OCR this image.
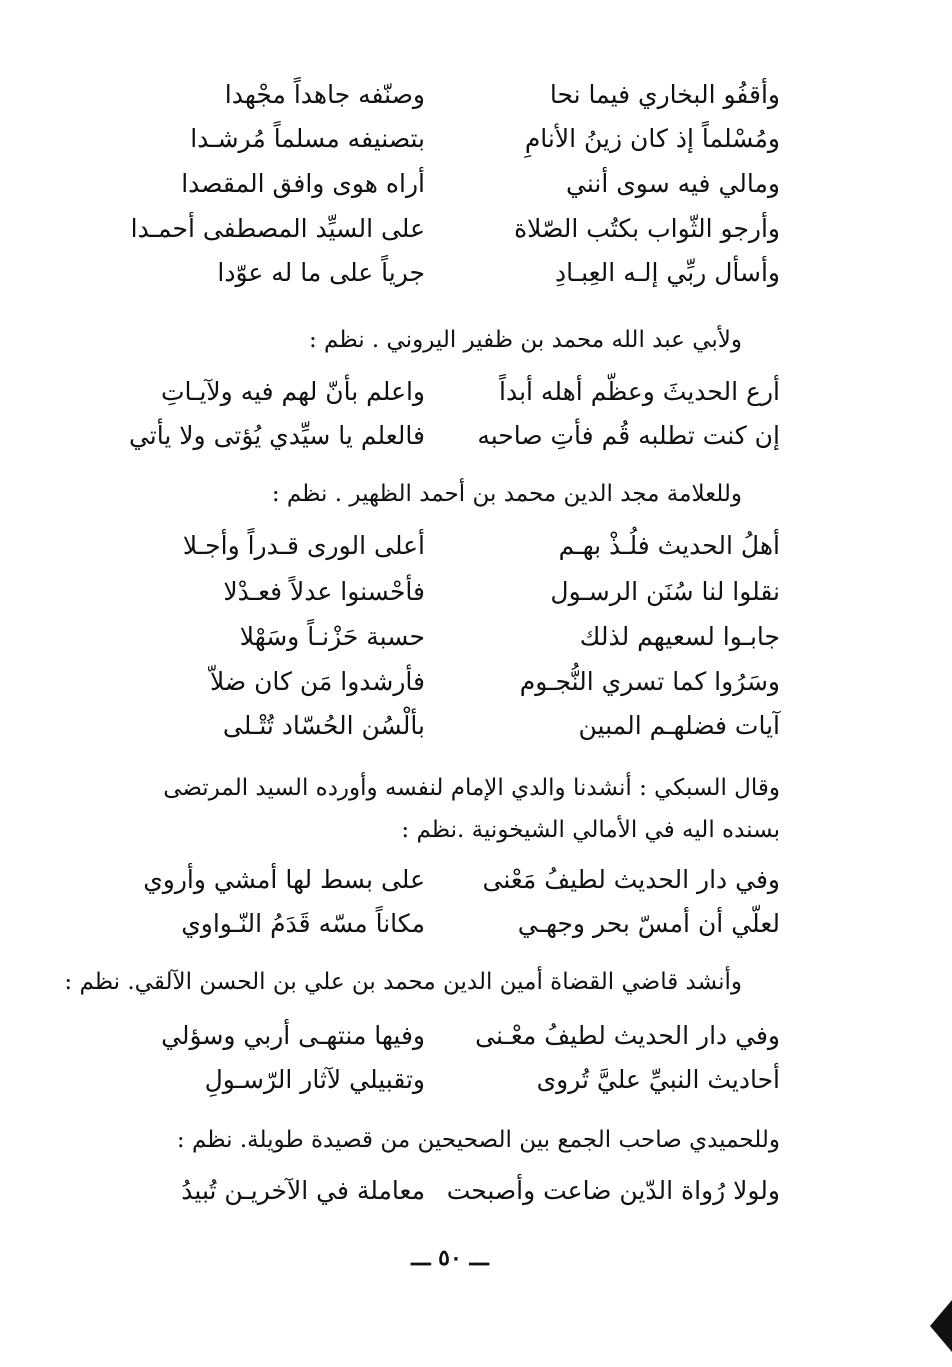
وأقفُو البخاري فيما نحا
وصنّفه جاهداً مجْهدا
ومُسْلماً إذ كان زينُ الأنامِ
بتصنيفه مسلماً مُرشـدا
ومالي فيه سوى أنني
أراه هوى وافق المقصدا
وأرجو الثّواب بكتُب الصّلاة
على السيِّد المصطفى أحمـدا
وأسأل ربِّي إلـه العِبـادِ
جرياً على ما له عوّدا
ولأبي عبد الله محمد بن ظفير اليروني . نظم :
أرع الحديثَ وعظّم أهله أبداً
واعلم بأنّ لهم فيه ولآيـاتِ
إن كنت تطلبه قُم فأتِ صاحبه
فالعلم يا سيِّدي يُؤتى ولا يأتي
وللعلامة مجد الدين محمد بن أحمد الظهير . نظم :
أهلُ الحديث فلُـذْ بهـم
أعلى الورى قـدراً وأجـلا
نقلوا لنا سُنَن الرسـول
فأحْسنوا عدلاً فعـدْلا
جابـوا لسعيهم لذلك
حسبة حَزْنـاً وسَهْلا
وسَرُوا كما تسري النُّجـوم
فأرشدوا مَن كان ضلاّ
آيات فضلهـم المبين
بألْسُن الحُسّاد تُتْـلى
وقال السبكي : أنشدنا والدي الإمام لنفسه وأورده السيد المرتضى
بسنده اليه في الأمالي الشيخونية .نظم :
وفي دار الحديث لطيفُ مَعْنى
على بسط لها أمشي وأروي
لعلّي أن أمسّ بحر وجهـي
مكاناً مسّه قَدَمُ النّـواوي
وأنشد قاضي القضاة أمين الدين محمد بن علي بن الحسن الآلقي. نظم :
وفي دار الحديث لطيفُ معْـنى
وفيها منتهـى أربي وسؤلي
أحاديث النبيِّ عليَّ تُروى
وتقبيلي لآثار الرّسـولِ
وللحميدي صاحب الجمع بين الصحيحين من قصيدة طويلة. نظم :
ولولا رُواة الدّين ضاعت وأصبحت
معاملة في الآخريـن تُبيدُ
ـــ ٥٠ ـــ
